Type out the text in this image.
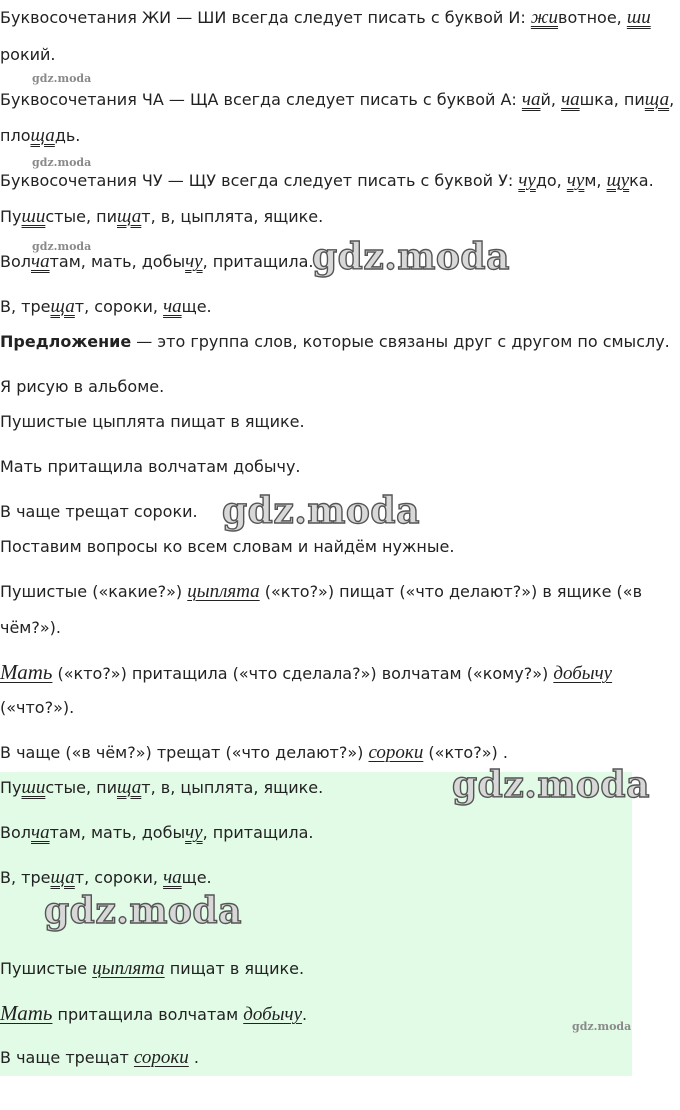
Буквосочетания ЖИ — ШИ всегда следует писать с буквой И: животное, ши
рокий.
gdz.moda
Буквосочетания ЧА — ЩА всегда следует писать с буквой А: чай, чашка, пища,
площадь.
gdz.moda
Буквосочетания ЧУ — ЩУ всегда следует писать с буквой У: чудо, чум, щука.
Пушистые, пищат, в, цыплята, ящике.
gdz.moda
Волчатам, мать, добычу, притащила.
gdz.moda
В, трещат, сороки, чаще.
Предложение — это группа слов, которые связаны друг с другом по смыслу.
Я рисую в альбоме.
Пушистые цыплята пищат в ящике.
Мать притащила волчатам добычу.
В чаще трещат сороки. gdz.moda
Поставим вопросы ко всем словам и найдём нужные.
Пушистые («какие?») цыплята («кто?») пищат («что делают?») в ящике («в
чём?»).
Мать («кто?») притащила («что сделала?») волчатам («кому?») добычу
(«что?»).
В чаще («в чём?») трещат («что делают?») сороки («кто?») .
Пушистые, пищат, в, цыплята, ящике.	gdz.moda
Волчатам, мать, добычу, притащила.
В, трещат, сороки, чаще.
gdz.moda
Пушистые цыплята пищат в ящике.
Мать притащила волчатам добычу.
gdz.moda
В чаще трещат сороки .
